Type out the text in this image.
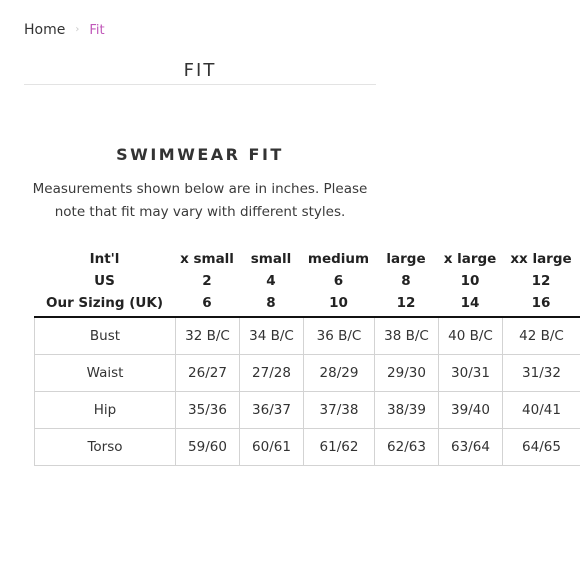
Home › Fit
FIT
SWIMWEAR FIT

Measurements shown below are in inches. Please note that fit may vary with different styles.

Int'l	x small	small	medium	large	x large	xx large
US	2	4	6	8	10	12
Our Sizing (UK)	6	8	10	12	14	16
Bust	32 B/C	34 B/C	36 B/C	38 B/C	40 B/C	42 B/C
Waist	26/27	27/28	28/29	29/30	30/31	31/32
Hip	35/36	36/37	37/38	38/39	39/40	40/41
Torso	59/60	60/61	61/62	62/63	63/64	64/65
